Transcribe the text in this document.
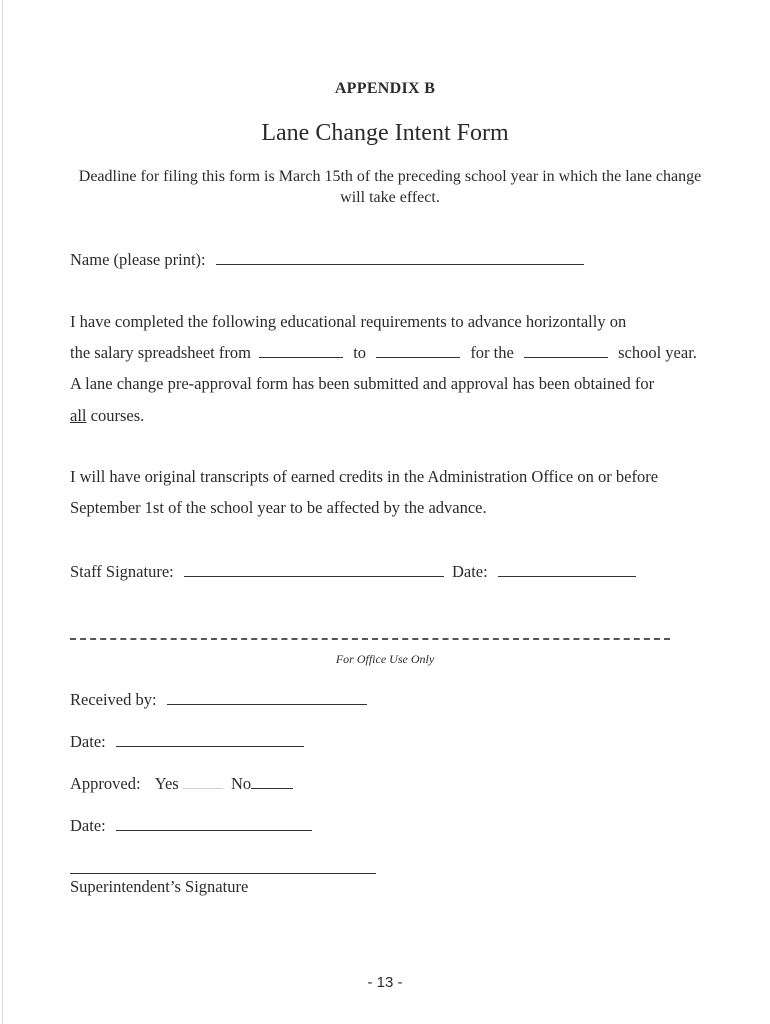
APPENDIX B
Lane Change Intent Form
Deadline for filing this form is March 15th of the preceding school year in which the lane change will take effect.
Name (please print):
I have completed the following educational requirements to advance horizontally on
the salary spreadsheet from	to	for the	school year.
A lane change pre-approval form has been submitted and approval has been obtained for
all courses.
I will have original transcripts of earned credits in the Administration Office on or before
September 1st of the school year to be affected by the advance.
Staff Signature:	Date:
For Office Use Only
Received by:
Date:
Approved: Yes	No
Date:
Superintendent’s Signature
- 13 -
